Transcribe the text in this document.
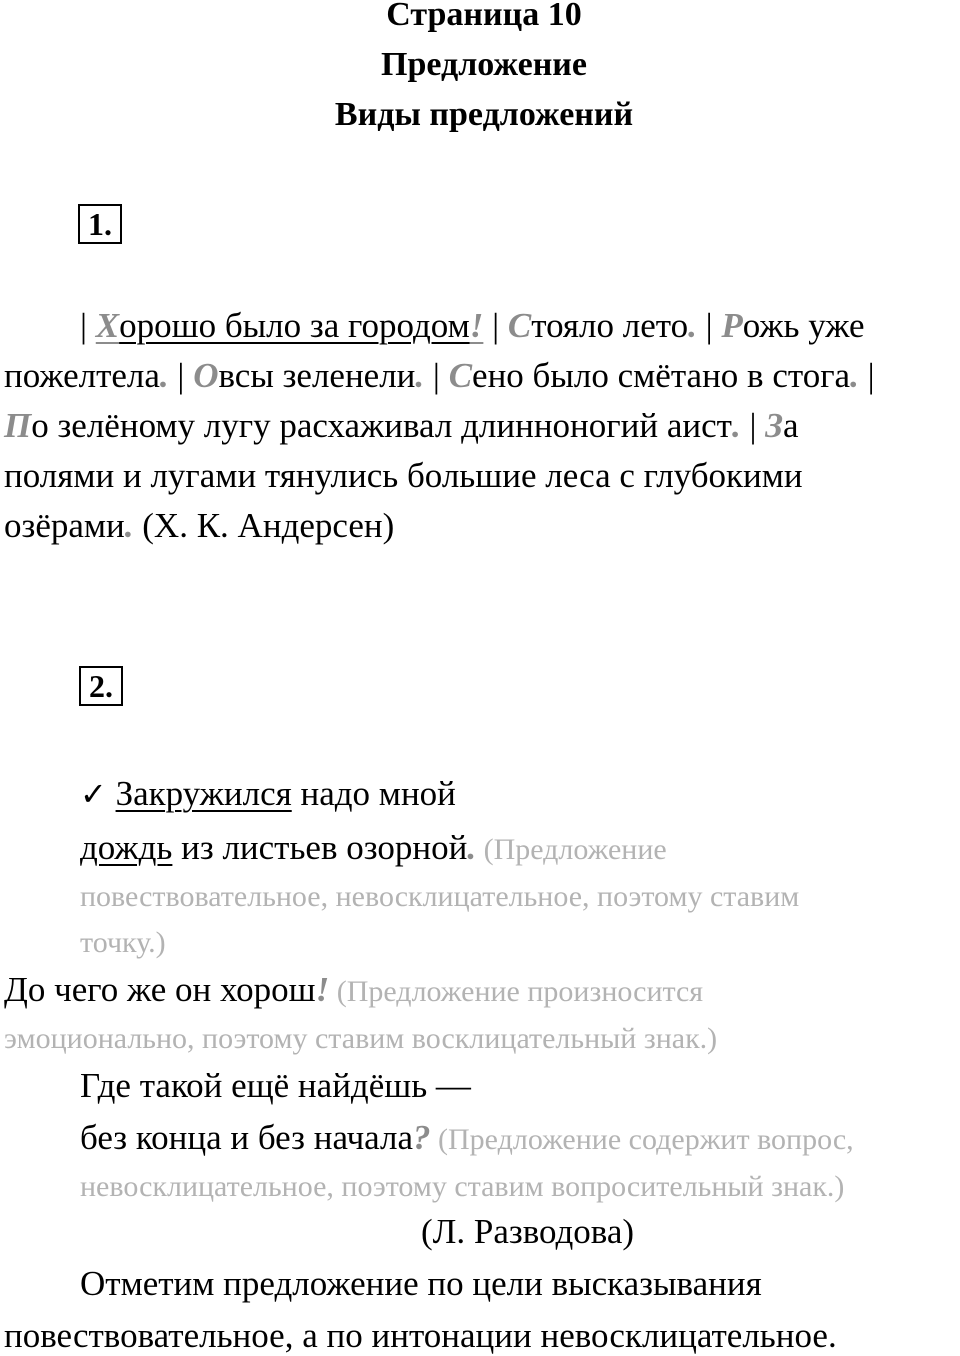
Страница 10
Предложение
Виды предложений
1.
| Хорошо было за городом! | Стояло лето. | Рожь уже
пожелтела. | Овсы зеленели. | Сено было смётано в стога. |
По зелёному лугу расхаживал длинноногий аист. | За
полями и лугами тянулись большие леса с глубокими
озёрами. (Х. К. Андерсен)
2.
✓ Закружился надо мной
дождь из листьев озорной. (Предложение
повествовательное, невосклицательное, поэтому ставим
точку.)
До чего же он хорош! (Предложение произносится
эмоционально, поэтому ставим восклицательный знак.)
Где такой ещё найдёшь —
без конца и без начала? (Предложение содержит вопрос,
невосклицательное, поэтому ставим вопросительный знак.)
(Л. Разводова)
Отметим предложение по цели высказывания
повествовательное, а по интонации невосклицательное.
